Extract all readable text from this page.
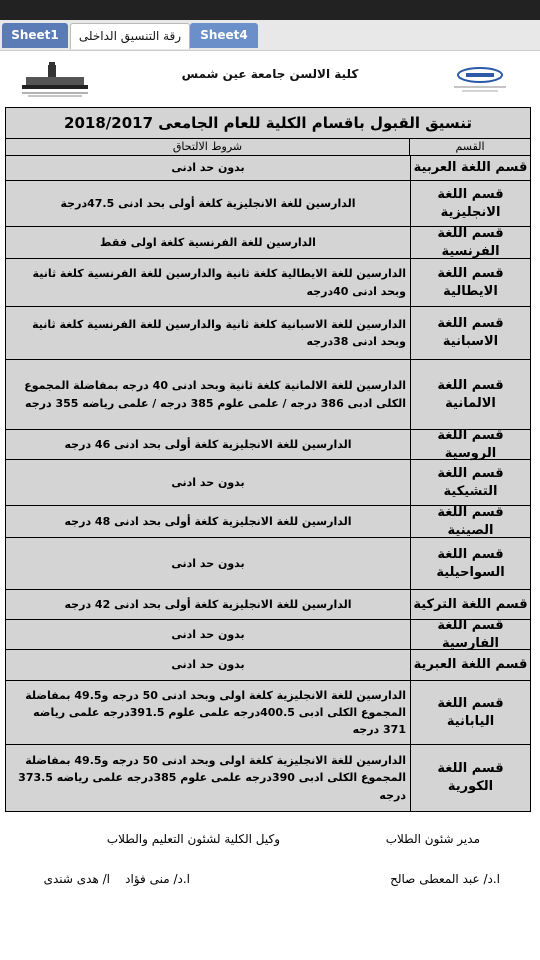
Sheet1	رقة التنسيق الداخلى	Sheet4
كلية الالسن جامعة عين شمس
تنسيق القبول باقسام الكلية للعام الجامعى 2018/2017
القسم
شروط الالتحاق
قسم اللغة العربية
بدون حد ادنى
قسم اللغة الانجليزية
الدارسين للغة الانجليزية كلغة أولى بحد ادنى 47.5درجة
قسم اللغة الفرنسية
الدارسين للغة الفرنسية كلغة اولى فقط
قسم اللغة الايطالية
الدارسين للغة الايطالية كلغة ثانية والدارسين للغة الفرنسية كلغة ثانية وبحد ادنى 40درجه
قسم اللغة الاسبانية
الدارسين للغة الاسبانية كلغة ثانية والدارسين للغة الفرنسية كلغة ثانية وبحد ادنى 38درجه
قسم اللغة الالمانية
الدارسين للغة الالمانية كلغة ثانية وبحد ادنى 40 درجه بمفاضلة المجموع الكلى ادبى 386 درجه / علمى علوم 385 درجه / علمى رياضه 355 درجه
قسم اللغة الروسية
الدارسين للغة الانجليزية كلغة أولى بحد ادنى 46 درجه
قسم اللغة التشيكية
بدون حد ادنى
قسم اللغة الصينية
الدارسين للغة الانجليزية كلغة أولى بحد ادنى 48 درجه
قسم اللغة السواحيلية
بدون حد ادنى
قسم اللغة التركية
الدارسين للغة الانجليزية كلغة أولى بحد ادنى 42 درجه
قسم اللغة الفارسية
بدون حد ادنى
قسم اللغة العبرية
بدون حد ادنى
قسم اللغة اليابانية
الدارسين للغة الانجليزية كلغة اولى وبحد ادنى 50 درجه و49.5 بمفاضلة المجموع الكلى ادبى 400.5درجه علمى علوم 391.5درجه علمى رياضه 371 درجه
قسم اللغة الكورية
الدارسين للغة الانجليزية كلغة اولى وبحد ادنى 50 درجه و49.5 بمفاضلة المجموع الكلى ادبى 390درجه علمى علوم 385درجه علمى رياضه 373.5 درجه
مدير شئون الطلاب
وكيل الكلية لشئون التعليم والطلاب
ا.د/ عبد المعطى صالح
ا.د/ منى فؤاد
ا/ هدى شندى
